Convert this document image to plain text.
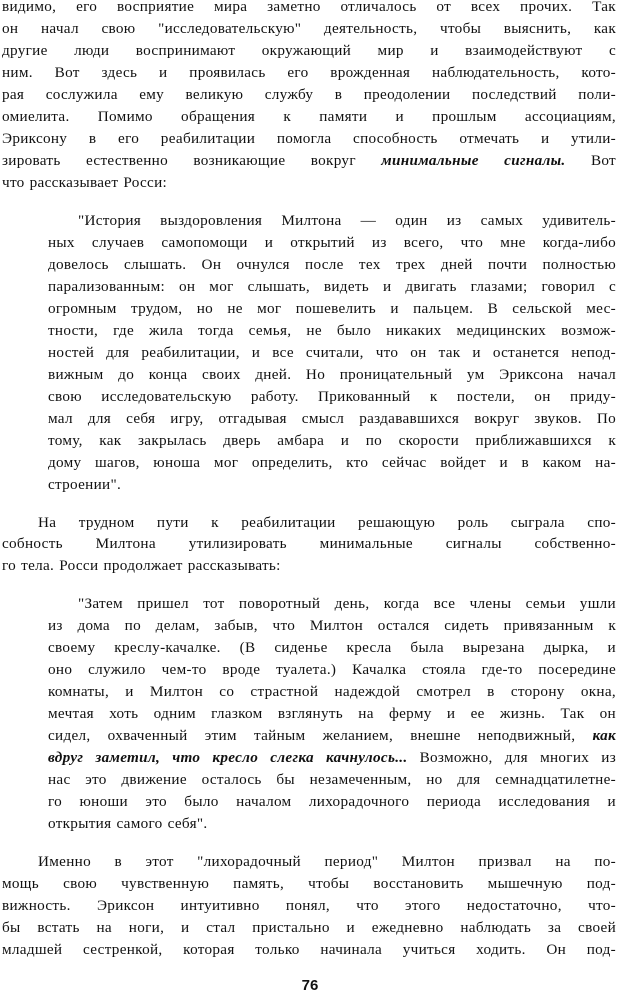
видимо, его восприятие мира заметно отличалось от всех прочих. Так
он начал свою "исследовательскую" деятельность, чтобы выяснить, как
другие люди воспринимают окружающий мир и взаимодействуют с
ним. Вот здесь и проявилась его врожденная наблюдательность, кото-
рая сослужила ему великую службу в преодолении последствий поли-
омиелита. Помимо обращения к памяти и прошлым ассоциациям,
Эриксону в его реабилитации помогла способность отмечать и утили-
зировать естественно возникающие вокруг минимальные сигналы. Вот
что рассказывает Росси:
"История выздоровления Милтона — один из самых удивитель-
ных случаев самопомощи и открытий из всего, что мне когда-либо
довелось слышать. Он очнулся после тех трех дней почти полностью
парализованным: он мог слышать, видеть и двигать глазами; говорил с
огромным трудом, но не мог пошевелить и пальцем. В сельской мес-
тности, где жила тогда семья, не было никаких медицинских возмож-
ностей для реабилитации, и все считали, что он так и останется непод-
вижным до конца своих дней. Но проницательный ум Эриксона начал
свою исследовательскую работу. Прикованный к постели, он приду-
мал для себя игру, отгадывая смысл раздававшихся вокруг звуков. По
тому, как закрылась дверь амбара и по скорости приближавшихся к
дому шагов, юноша мог определить, кто сейчас войдет и в каком на-
строении".
На трудном пути к реабилитации решающую роль сыграла спо-
собность Милтона утилизировать минимальные сигналы собственно-
го тела. Росси продолжает рассказывать:
"Затем пришел тот поворотный день, когда все члены семьи ушли
из дома по делам, забыв, что Милтон остался сидеть привязанным к
своему креслу-качалке. (В сиденье кресла была вырезана дырка, и
оно служило чем-то вроде туалета.) Качалка стояла где-то посередине
комнаты, и Милтон со страстной надеждой смотрел в сторону окна,
мечтая хоть одним глазком взглянуть на ферму и ее жизнь. Так он
сидел, охваченный этим тайным желанием, внешне неподвижный, как
вдруг заметил, что кресло слегка качнулось... Возможно, для многих из
нас это движение осталось бы незамеченным, но для семнадцатилетне-
го юноши это было началом лихорадочного периода исследования и
открытия самого себя".
Именно в этот "лихорадочный период" Милтон призвал на по-
мощь свою чувственную память, чтобы восстановить мышечную под-
вижность. Эриксон интуитивно понял, что этого недостаточно, что-
бы встать на ноги, и стал пристально и ежедневно наблюдать за своей
младшей сестренкой, которая только начинала учиться ходить. Он под-
76
